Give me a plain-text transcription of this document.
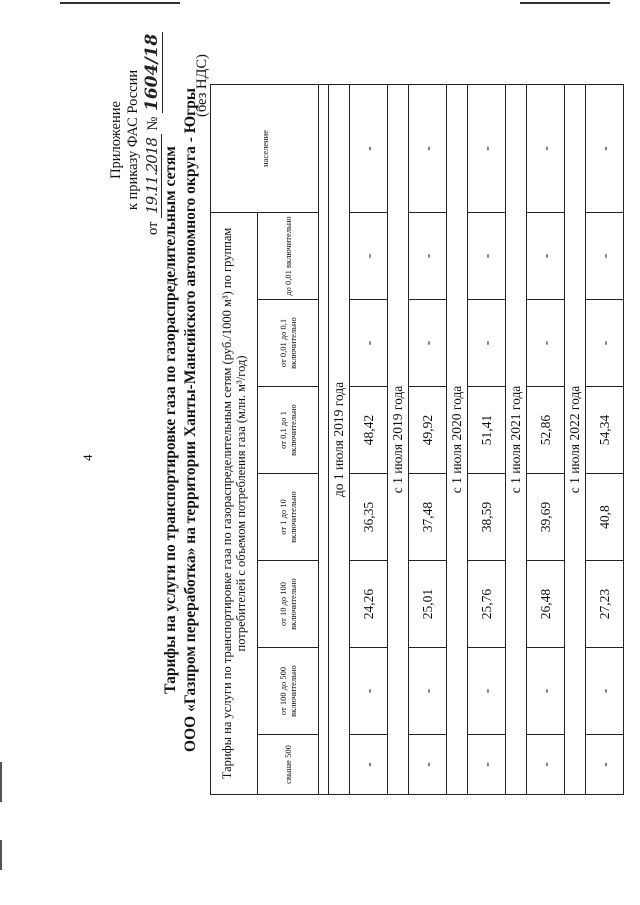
4
Приложение к приказу ФАС России
от 19.11.2018 № 1604/18
Тарифы на услуги по транспортировке газа по газораспределительным сетям ООО «Газпром переработка» на территории Ханты-Мансийского автономного округа - Югры
(без НДС)
Тарифы на услуги по транспортировке газа по газораспределительным сетям (руб./1000 м³) по группам потребителей с объемом потребления газа (млн. м³/год)							население
свыше 500	от 100 до 500 включительно	от 10 до 100 включительно	от 1 до 10 включительно	от 0,1 до 1 включительно	от 0,01 до 0,1 включительно	до 0,01 включительно	

до 1 июля 2019 года							
-	-	24,26	36,35	48,42	-	-	-
с 1 июля 2019 года							
-	-	25,01	37,48	49,92	-	-	-
с 1 июля 2020 года							
-	-	25,76	38,59	51,41	-	-	-
с 1 июля 2021 года							
-	-	26,48	39,69	52,86	-	-	-
с 1 июля 2022 года							
-	-	27,23	40,8	54,34	-	-	-
